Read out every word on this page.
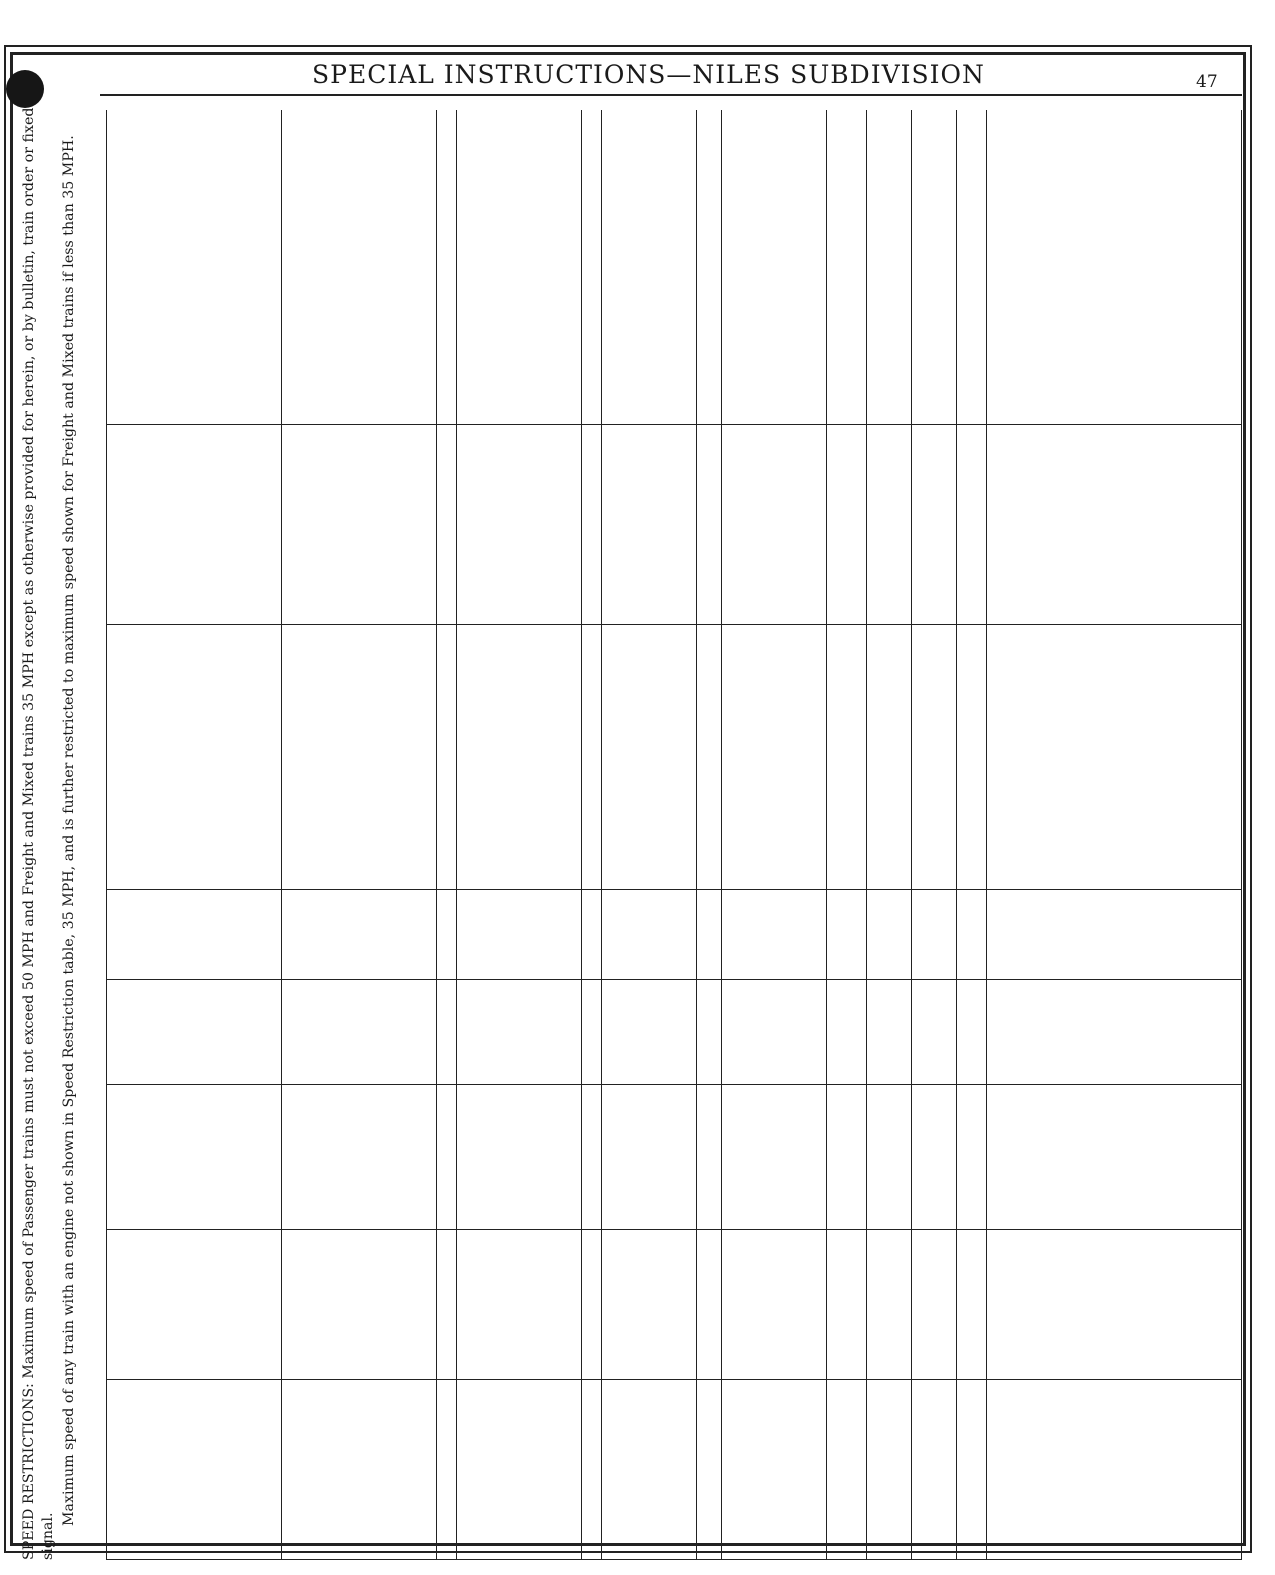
SPECIAL INSTRUCTIONS—NILES SUBDIVISION	47

SPEED RESTRICTIONS: Maximum speed of Passenger trains must not exceed 50 MPH and Freight and Mixed trains 35 MPH except as otherwise provided for herein, or by bulletin, train order or fixed signal.

Maximum speed of any train with an engine not shown in Speed Restriction table, 35 MPH, and is further restricted to maximum speed shown for Freight and Mixed trains if less than 35 MPH.
